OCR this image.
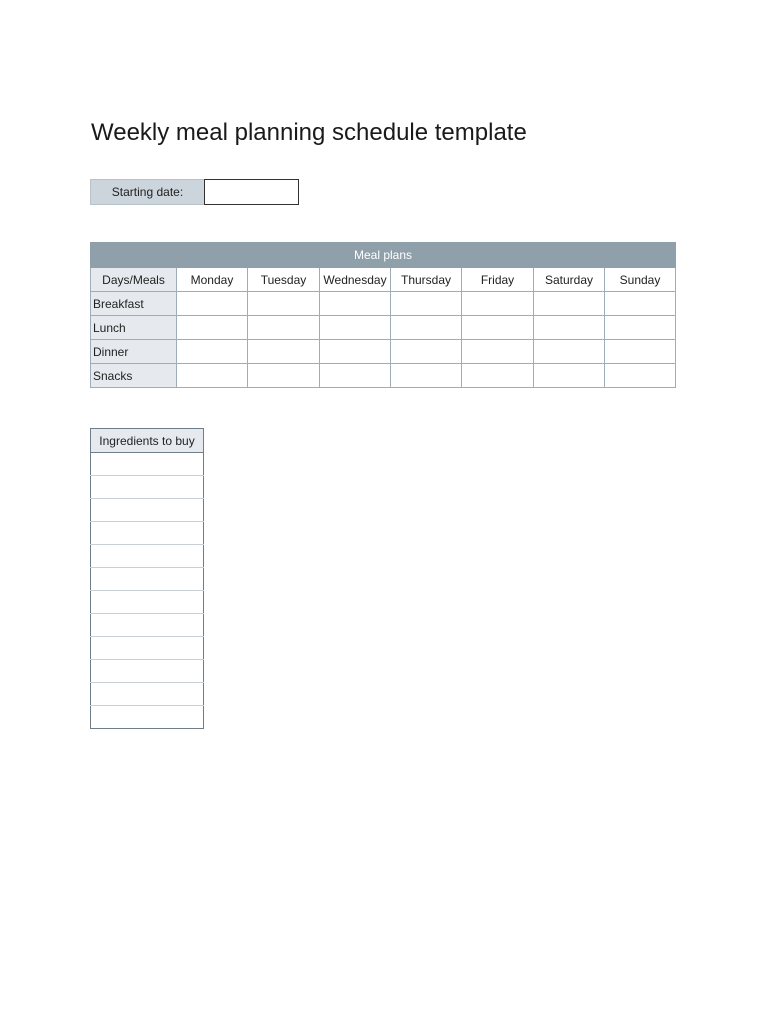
Weekly meal planning schedule template
Starting date:
Meal plans							
Days/Meals	Monday	Tuesday	Wednesday	Thursday	Friday	Saturday	Sunday
Breakfast							
Lunch							
Dinner							
Snacks							
Ingredients to buy
